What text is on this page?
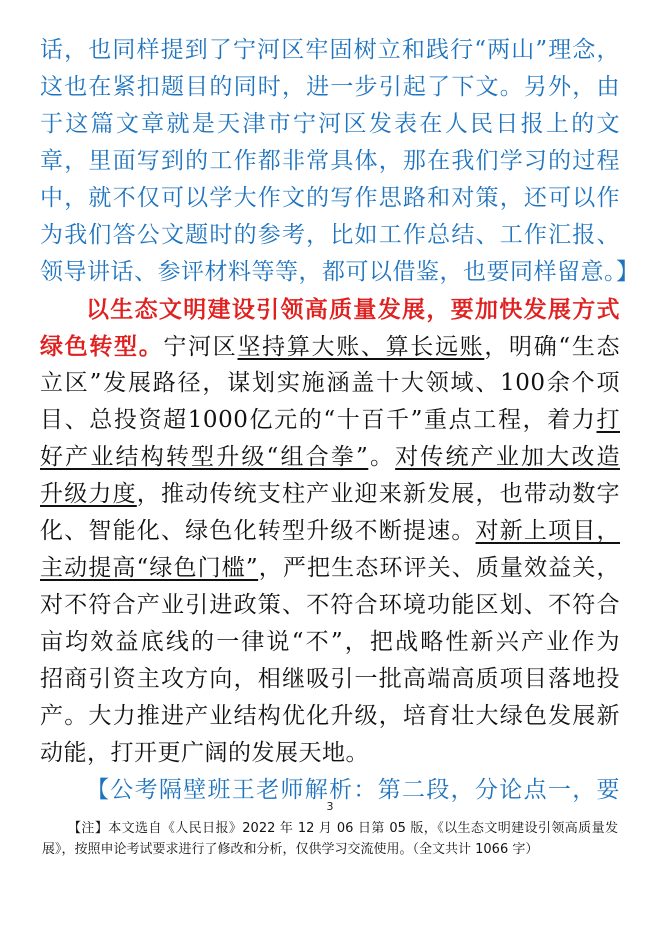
话，也同样提到了宁河区牢固树立和践行“两山”理念，
这也在紧扣题目的同时，进一步引起了下文。另外，由
于这篇文章就是天津市宁河区发表在人民日报上的文
章，里面写到的工作都非常具体，那在我们学习的过程
中，就不仅可以学大作文的写作思路和对策，还可以作
为我们答公文题时的参考，比如工作总结、工作汇报、
领导讲话、参评材料等等，都可以借鉴，也要同样留意。】
以生态文明建设引领高质量发展，要加快发展方式
绿色转型。宁河区坚持算大账、算长远账，明确“生态
立区”发展路径，谋划实施涵盖十大领域、100余个项
目、总投资超1000亿元的“十百千”重点工程，着力打
好产业结构转型升级“组合拳”。对传统产业加大改造
升级力度，推动传统支柱产业迎来新发展，也带动数字
化、智能化、绿色化转型升级不断提速。对新上项目，
主动提高“绿色门槛”，严把生态环评关、质量效益关，
对不符合产业引进政策、不符合环境功能区划、不符合
亩均效益底线的一律说“不”，把战略性新兴产业作为
招商引资主攻方向，相继吸引一批高端高质项目落地投
产。大力推进产业结构优化升级，培育壮大绿色发展新
动能，打开更广阔的发展天地。
【公考隔壁班王老师解析：第二段，分论点一，要
3
【注】本文选自《人民日报》2022 年 12 月 06 日第 05 版，《以生态文明建设引领高质量发展》，按照申论考试要求进行了修改和分析，仅供学习交流使用。（全文共计 1066 字）
